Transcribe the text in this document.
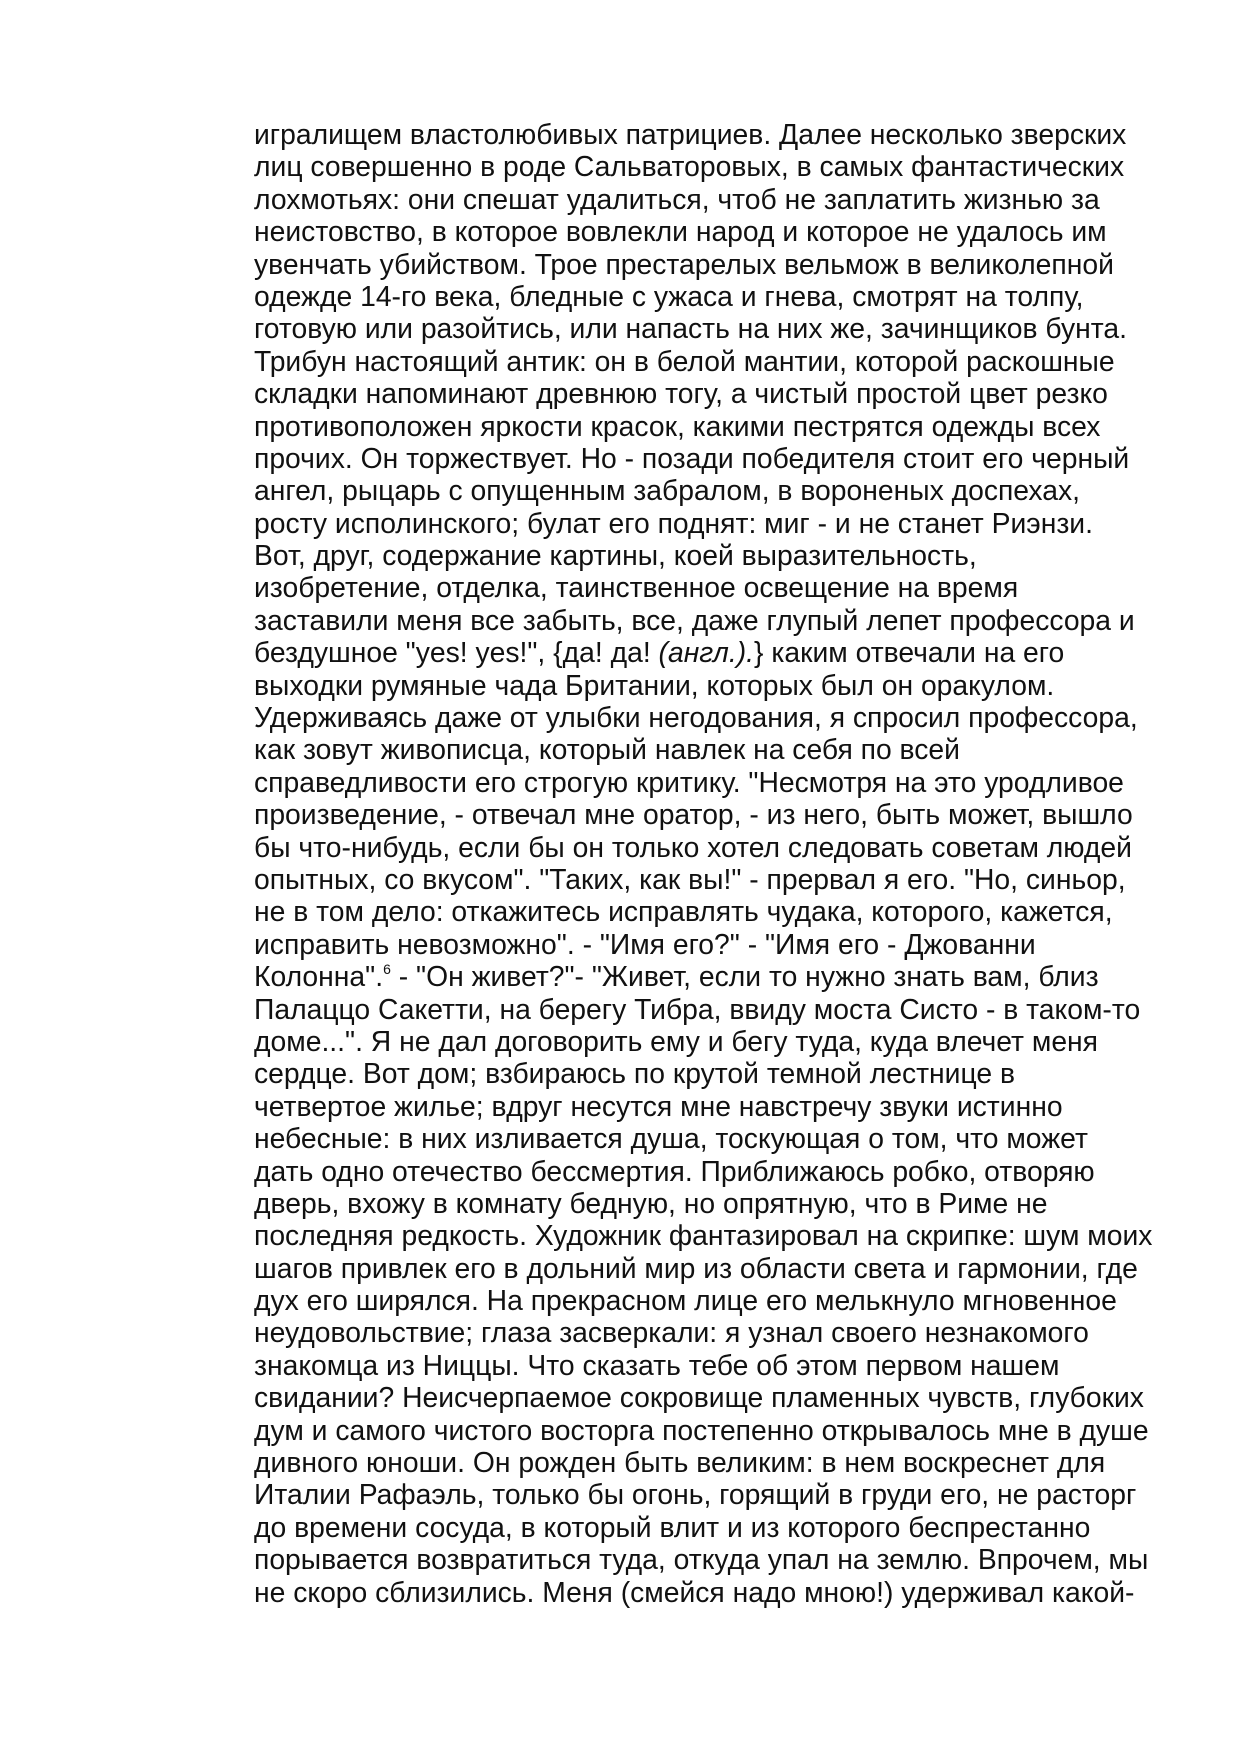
игралищем властолюбивых патрициев. Далее несколько зверских
лиц совершенно в роде Сальваторовых, в самых фантастических
лохмотьях: они спешат удалиться, чтоб не заплатить жизнью за
неистовство, в которое вовлекли народ и которое не удалось им
увенчать убийством. Трое престарелых вельмож в великолепной
одежде 14-го века, бледные с ужаса и гнева, смотрят на толпу,
готовую или разойтись, или напасть на них же, зачинщиков бунта.
Трибун настоящий антик: он в белой мантии, которой раскошные
складки напоминают древнюю тогу, а чистый простой цвет резко
противоположен яркости красок, какими пестрятся одежды всех
прочих. Он торжествует. Но - позади победителя стоит его черный
ангел, рыцарь с опущенным забралом, в вороненых доспехах,
росту исполинского; булат его поднят: миг - и не станет Риэнзи.
Вот, друг, содержание картины, коей выразительность,
изобретение, отделка, таинственное освещение на время
заставили меня все забыть, все, даже глупый лепет профессора и
бездушное "yes! yes!", {да! да! (англ.).} каким отвечали на его
выходки румяные чада Британии, которых был он оракулом.
Удерживаясь даже от улыбки негодования, я спросил профессора,
как зовут живописца, который навлек на себя по всей
справедливости его строгую критику. "Несмотря на это уродливое
произведение, - отвечал мне оратор, - из него, быть может, вышло
бы что-нибудь, если бы он только хотел следовать советам людей
опытных, со вкусом". "Таких, как вы!" - прервал я его. "Но, синьор,
не в том дело: откажитесь исправлять чудака, которого, кажется,
исправить невозможно". - "Имя его?" - "Имя его - Джованни
Колонна".$^6$ - "Он живет?"- "Живет, если то нужно знать вам, близ
Палаццо Сакетти, на берегу Тибра, ввиду моста Систо - в таком-то
доме...". Я не дал договорить ему и бегу туда, куда влечет меня
сердце. Вот дом; взбираюсь по крутой темной лестнице в
четвертое жилье; вдруг несутся мне навстречу звуки истинно
небесные: в них изливается душа, тоскующая о том, что может
дать одно отечество бессмертия. Приближаюсь робко, отворяю
дверь, вхожу в комнату бедную, но опрятную, что в Риме не
последняя редкость. Художник фантазировал на скрипке: шум моих
шагов привлек его в дольний мир из области света и гармонии, где
дух его ширялся. На прекрасном лице его мелькнуло мгновенное
неудовольствие; глаза засверкали: я узнал своего незнакомого
знакомца из Ниццы. Что сказать тебе об этом первом нашем
свидании? Неисчерпаемое сокровище пламенных чувств, глубоких
дум и самого чистого восторга постепенно открывалось мне в душе
дивного юноши. Он рожден быть великим: в нем воскреснет для
Италии Рафаэль, только бы огонь, горящий в груди его, не расторг
до времени сосуда, в который влит и из которого беспрестанно
порывается возвратиться туда, откуда упал на землю. Впрочем, мы
не скоро сблизились. Меня (смейся надо мною!) удерживал какой-
